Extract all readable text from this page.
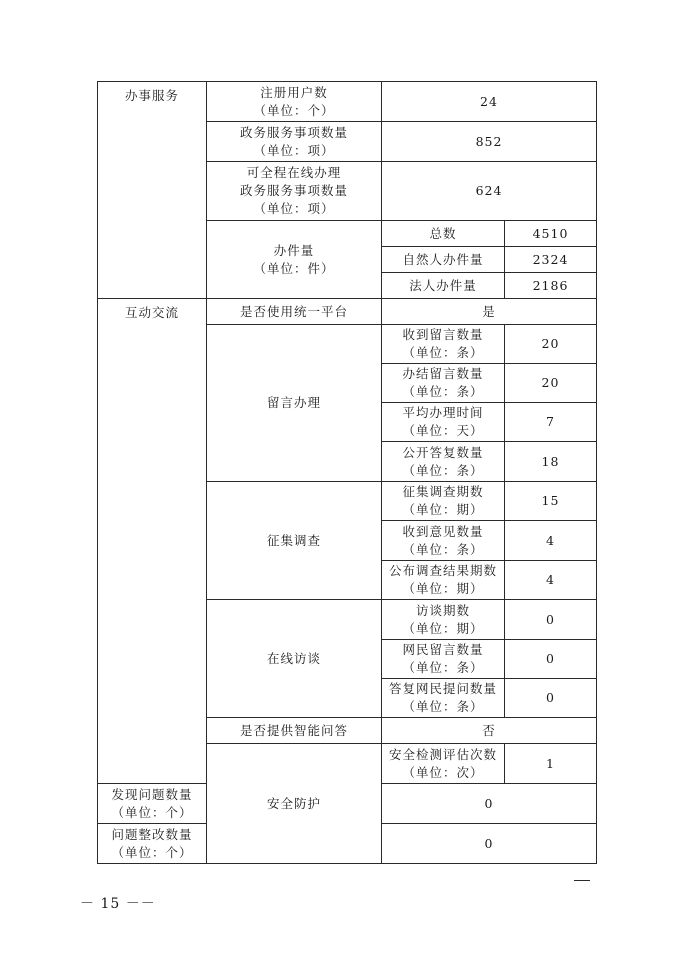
办事服务	注册用户数
（单位：个）	24	

	政务服务事项数量
（单位：项）	852	

	可全程在线办理
政务服务事项数量
（单位：项）	624	

	办件量
（单位：件）	总数	4510
		自然人办件量	2324
		法人办件量	2186
互动交流	是否使用统一平台	是	
	留言办理	收到留言数量
（单位：条）	20

		办结留言数量
（单位：条）	20

		平均办理时间
（单位：天）	7

		公开答复数量
（单位：条）	18
	征集调查	征集调查期数
（单位：期）	15

		收到意见数量
（单位：条）	4

		公布调查结果期数
（单位：期）	4
	在线访谈	访谈期数
（单位：期）	0

		网民留言数量
（单位：条）	0

		答复网民提问数量
（单位：条）	0
	是否提供智能问答	否	
	安全防护	安全检测评估次数
（单位：次）	1

发现问题数量
（单位：个）		0	

问题整改数量
（单位：个）		0	
－ 15 －－
